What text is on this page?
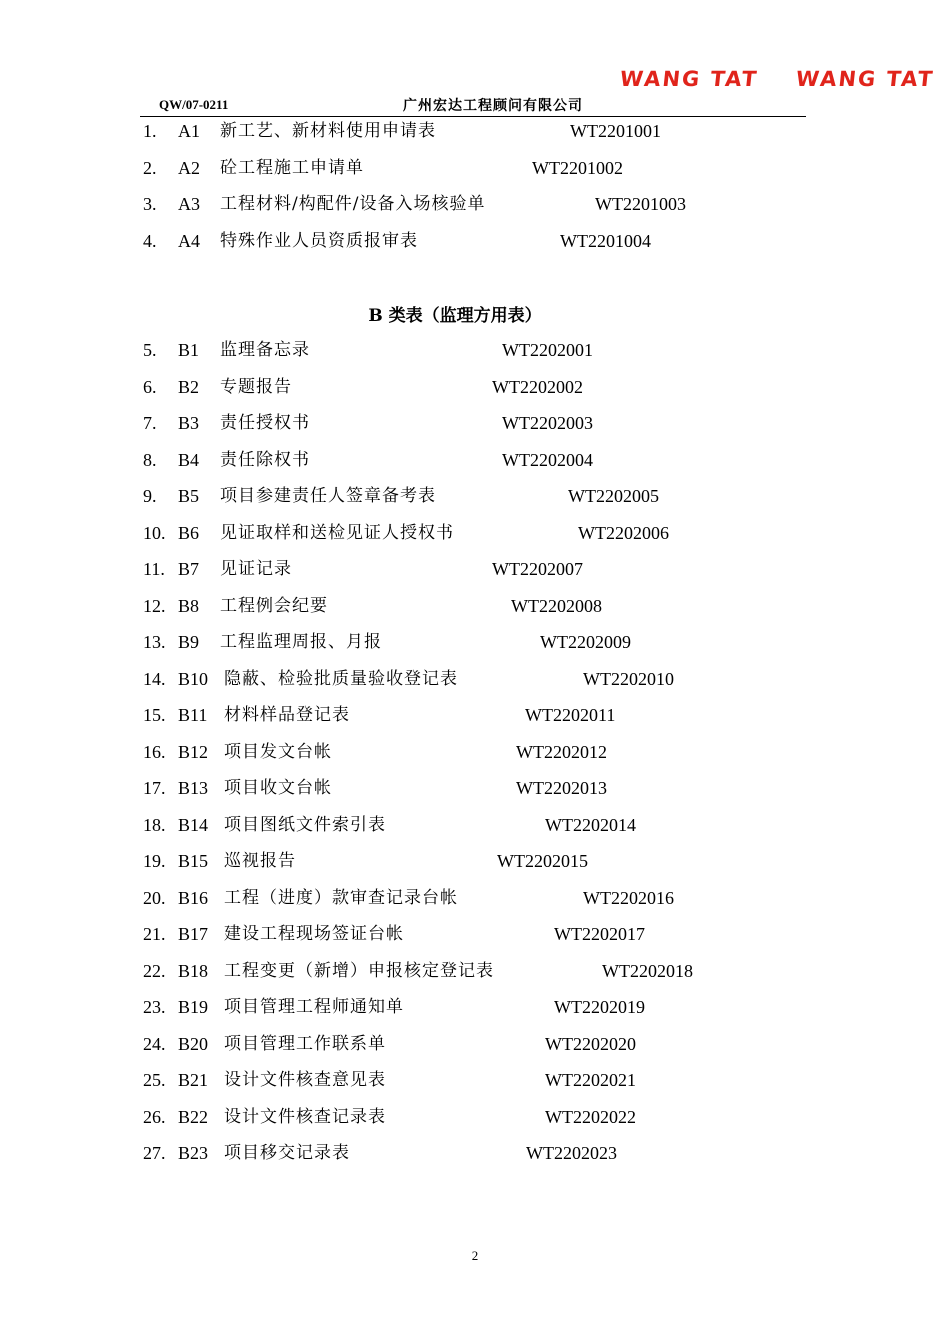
WANG TAT WANG TAT
QW/07-0211	广州宏达工程顾问有限公司
1. A1 新工艺、新材料使用申请表	WT2201001
2. A2 砼工程施工申请单	WT2201002
3. A3 工程材料/构配件/设备入场核验单	WT2201003
4. A4 特殊作业人员资质报审表	WT2201004
B 类表（监理方用表）
5. B1 监理备忘录	WT2202001
6. B2 专题报告	WT2202002
7. B3 责任授权书	WT2202003
8. B4 责任除权书	WT2202004
9. B5 项目参建责任人签章备考表	WT2202005
10. B6 见证取样和送检见证人授权书	WT2202006
11. B7 见证记录	WT2202007
12. B8 工程例会纪要	WT2202008
13. B9 工程监理周报、月报	WT2202009
14. B10 隐蔽、检验批质量验收登记表	WT2202010
15. B11 材料样品登记表	WT2202011
16. B12 项目发文台帐	WT2202012
17. B13 项目收文台帐	WT2202013
18. B14 项目图纸文件索引表	WT2202014
19. B15 巡视报告	WT2202015
20. B16 工程（进度）款审查记录台帐	WT2202016
21. B17 建设工程现场签证台帐	WT2202017
22. B18 工程变更（新增）申报核定登记表	WT2202018
23. B19 项目管理工程师通知单	WT2202019
24. B20 项目管理工作联系单	WT2202020
25. B21 设计文件核查意见表	WT2202021
26. B22 设计文件核查记录表	WT2202022
27. B23 项目移交记录表	WT2202023
2
